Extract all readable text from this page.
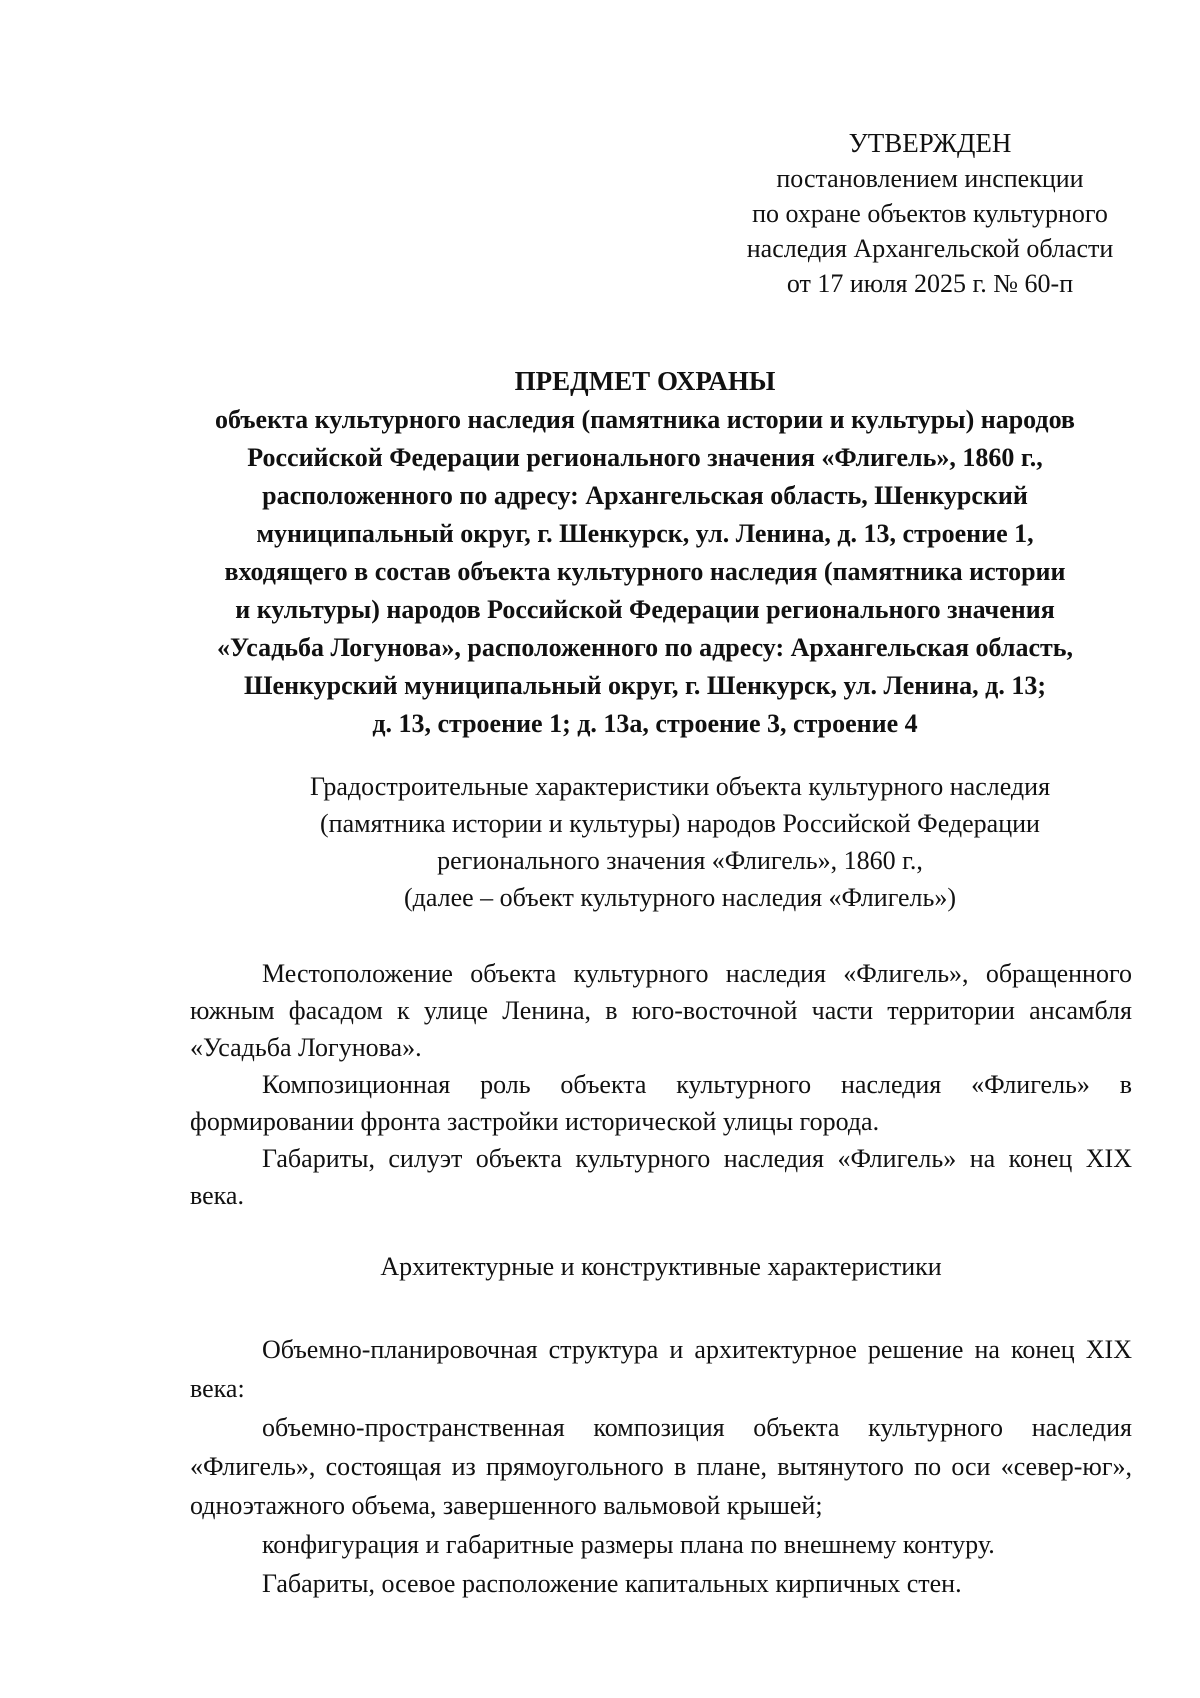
УТВЕРЖДЕН
постановлением инспекции
по охране объектов культурного
наследия Архангельской области
от 17 июля 2025 г. № 60-п
ПРЕДМЕТ ОХРАНЫ
объекта культурного наследия (памятника истории и культуры) народов
Российской Федерации регионального значения «Флигель», 1860 г.,
расположенного по адресу: Архангельская область, Шенкурский
муниципальный округ, г. Шенкурск, ул. Ленина, д. 13, строение 1,
входящего в состав объекта культурного наследия (памятника истории
и культуры) народов Российской Федерации регионального значения
«Усадьба Логунова», расположенного по адресу: Архангельская область,
Шенкурский муниципальный округ, г. Шенкурск, ул. Ленина, д. 13;
д. 13, строение 1; д. 13а, строение 3, строение 4
Градостроительные характеристики объекта культурного наследия
(памятника истории и культуры) народов Российской Федерации
регионального значения «Флигель», 1860 г.,
(далее – объект культурного наследия «Флигель»)

Местоположение объекта культурного наследия «Флигель», обращенного южным фасадом к улице Ленина, в юго-восточной части территории ансамбля «Усадьба Логунова».

Композиционная роль объекта культурного наследия «Флигель» в формировании фронта застройки исторической улицы города.

Габариты, силуэт объекта культурного наследия «Флигель» на конец XIX века.

Архитектурные и конструктивные характеристики

Объемно-планировочная структура и архитектурное решение на конец XIX века:

объемно-пространственная композиция объекта культурного наследия «Флигель», состоящая из прямоугольного в плане, вытянутого по оси «север-юг», одноэтажного объема, завершенного вальмовой крышей;

конфигурация и габаритные размеры плана по внешнему контуру.

Габариты, осевое расположение капитальных кирпичных стен.
